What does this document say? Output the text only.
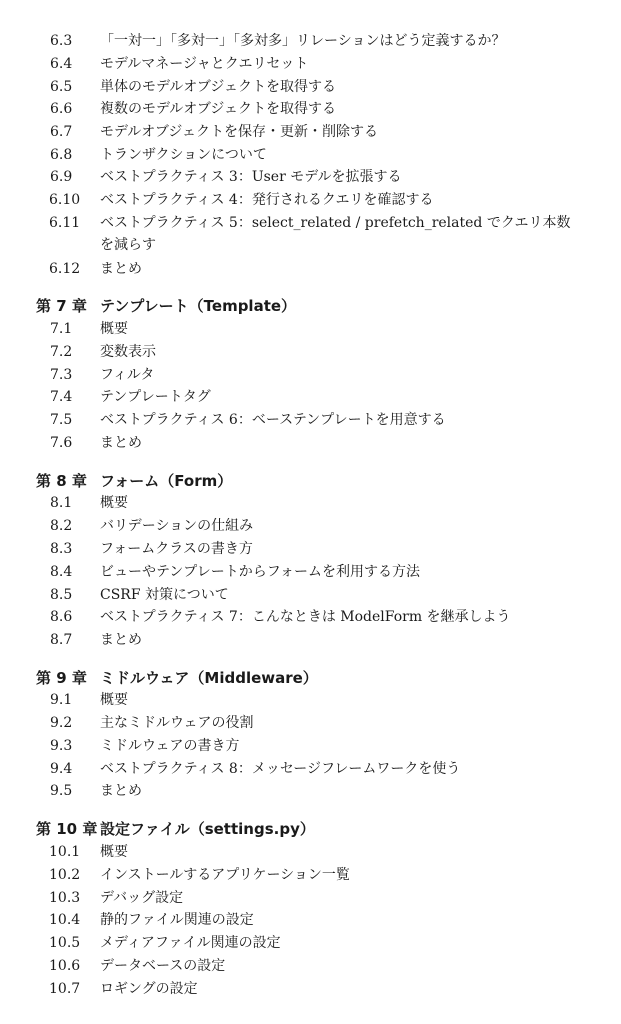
6.3 「一対一」「多対一」「多対多」リレーションはどう定義するか？
6.4 モデルマネージャとクエリセット
6.5 単体のモデルオブジェクトを取得する
6.6 複数のモデルオブジェクトを取得する
6.7 モデルオブジェクトを保存・更新・削除する
6.8 トランザクションについて
6.9 ベストプラクティス 3：User モデルを拡張する
6.10 ベストプラクティス 4：発行されるクエリを確認する
6.11 ベストプラクティス 5：select_related / prefetch_related でクエリ本数
を減らす
6.12 まとめ
第 7 章 テンプレート（Template）
7.1 概要
7.2 変数表示
7.3 フィルタ
7.4 テンプレートタグ
7.5 ベストプラクティス 6：ベーステンプレートを用意する
7.6 まとめ
第 8 章 フォーム（Form）
8.1 概要
8.2 バリデーションの仕組み
8.3 フォームクラスの書き方
8.4 ビューやテンプレートからフォームを利用する方法
8.5 CSRF 対策について
8.6 ベストプラクティス 7：こんなときは ModelForm を継承しよう
8.7 まとめ
第 9 章 ミドルウェア（Middleware）
9.1 概要
9.2 主なミドルウェアの役割
9.3 ミドルウェアの書き方
9.4 ベストプラクティス 8：メッセージフレームワークを使う
9.5 まとめ
第 10 章 設定ファイル（settings.py）
10.1 概要
10.2 インストールするアプリケーション一覧
10.3 デバッグ設定
10.4 静的ファイル関連の設定
10.5 メディアファイル関連の設定
10.6 データベースの設定
10.7 ロギングの設定
